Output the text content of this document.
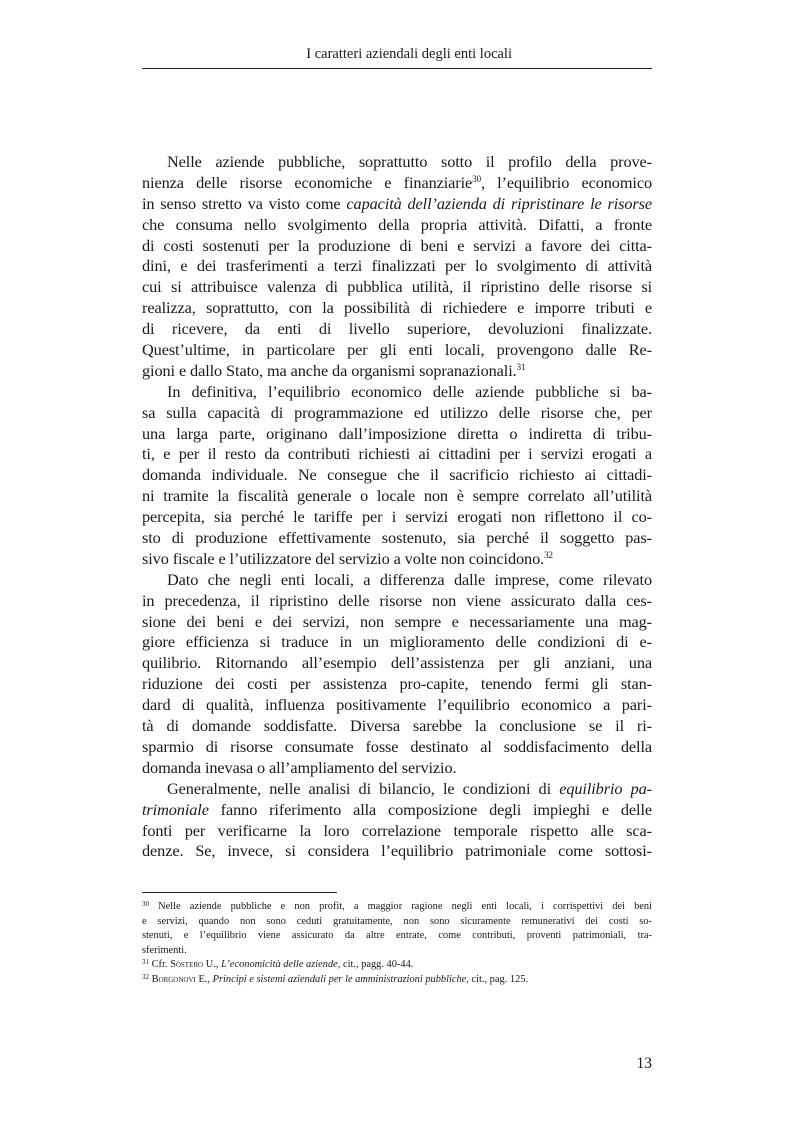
I caratteri aziendali degli enti locali
Nelle aziende pubbliche, soprattutto sotto il profilo della prove-
nienza delle risorse economiche e finanziarie$^{30}$, l’equilibrio economico
in senso stretto va visto come capacità dell’azienda di ripristinare le risorse
che consuma nello svolgimento della propria attività. Difatti, a fronte
di costi sostenuti per la produzione di beni e servizi a favore dei citta-
dini, e dei trasferimenti a terzi finalizzati per lo svolgimento di attività
cui si attribuisce valenza di pubblica utilità, il ripristino delle risorse si
realizza, soprattutto, con la possibilità di richiedere e imporre tributi e
di ricevere, da enti di livello superiore, devoluzioni finalizzate.
Quest’ultime, in particolare per gli enti locali, provengono dalle Re-
gioni e dallo Stato, ma anche da organismi sopranazionali.$^{31}$
In definitiva, l’equilibrio economico delle aziende pubbliche si ba-
sa sulla capacità di programmazione ed utilizzo delle risorse che, per
una larga parte, originano dall’imposizione diretta o indiretta di tribu-
ti, e per il resto da contributi richiesti ai cittadini per i servizi erogati a
domanda individuale. Ne consegue che il sacrificio richiesto ai cittadi-
ni tramite la fiscalità generale o locale non è sempre correlato all’utilità
percepita, sia perché le tariffe per i servizi erogati non riflettono il co-
sto di produzione effettivamente sostenuto, sia perché il soggetto pas-
sivo fiscale e l’utilizzatore del servizio a volte non coincidono.$^{32}$
Dato che negli enti locali, a differenza dalle imprese, come rilevato
in precedenza, il ripristino delle risorse non viene assicurato dalla ces-
sione dei beni e dei servizi, non sempre e necessariamente una mag-
giore efficienza si traduce in un miglioramento delle condizioni di e-
quilibrio. Ritornando all’esempio dell’assistenza per gli anziani, una
riduzione dei costi per assistenza pro-capite, tenendo fermi gli stan-
dard di qualità, influenza positivamente l’equilibrio economico a pari-
tà di domande soddisfatte. Diversa sarebbe la conclusione se il ri-
sparmio di risorse consumate fosse destinato al soddisfacimento della
domanda inevasa o all’ampliamento del servizio.
Generalmente, nelle analisi di bilancio, le condizioni di equilibrio pa-
trimoniale fanno riferimento alla composizione degli impieghi e delle
fonti per verificarne la loro correlazione temporale rispetto alle sca-
denze. Se, invece, si considera l’equilibrio patrimoniale come sottosi-
$^{30}$ Nelle aziende pubbliche e non profit, a maggior ragione negli enti locali, i corrispettivi dei beni
e servizi, quando non sono ceduti gratuitamente, non sono sicuramente remunerativi dei costi so-
stenuti, e l’equilibrio viene assicurato da altre entrate, come contributi, proventi patrimoniali, tra-
sferimenti.
$^{31}$ Cfr. Sòstero U., L’economicità delle aziende, cit., pagg. 40-44.
$^{32}$ Borgonovi E., Principi e sistemi aziendali per le amministrazioni pubbliche, cit., pag. 125.
13
